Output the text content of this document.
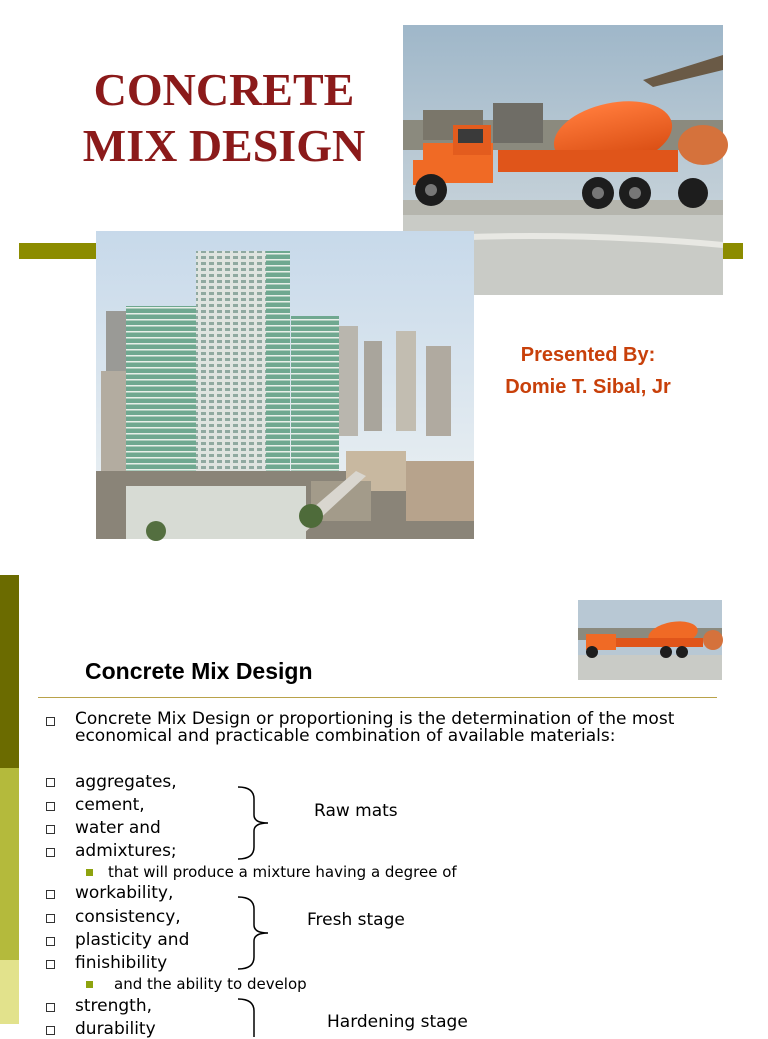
CONCRETE
MIX DESIGN
Presented By:
Domie T. Sibal, Jr
Concrete Mix Design
Concrete Mix Design or proportioning is the determination of the most economical and practicable combination of available materials:
aggregates,
cement,
water and
admixtures;
Raw mats
that will produce a mixture having a degree of
workability,
consistency,
plasticity and
finishibility
Fresh stage
and the ability to develop
strength,
durability	Hardening stage
